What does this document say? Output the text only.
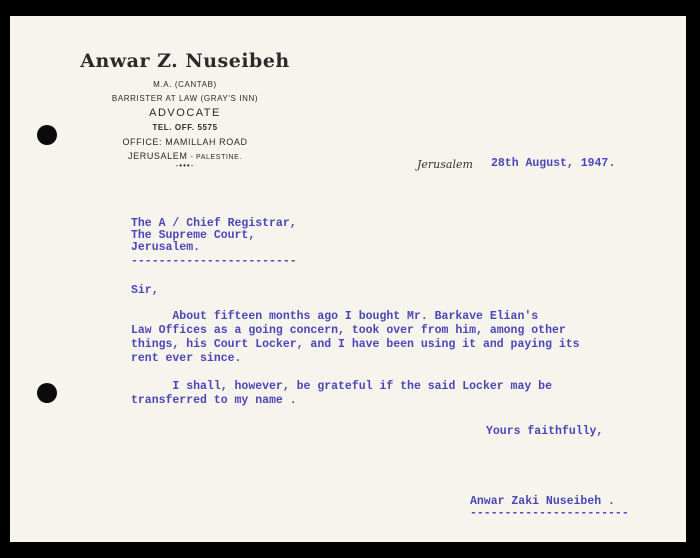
Anwar Z. Nuseibeh
M.A. (CANTAB)
BARRISTER AT LAW (GRAY'S INN)
ADVOCATE
TEL. OFF. 5575
OFFICE: MAMILLAH ROAD
JERUSALEM - PALESTINE.
-•••-	Jerusalem 28th August, 1947.
The A / Chief Registrar,
The Supreme Court,
Jerusalem.
------------------------
Sir,
About fifteen months ago I bought Mr. Barkave Elian's
Law Offices as a going concern, took over from him, among other
things, his Court Locker, and I have been using it and paying its
rent ever since.
I shall, however, be grateful if the said Locker may be
transferred to my name .
Yours faithfully,
Anwar Zaki Nuseibeh .
-----------------------
